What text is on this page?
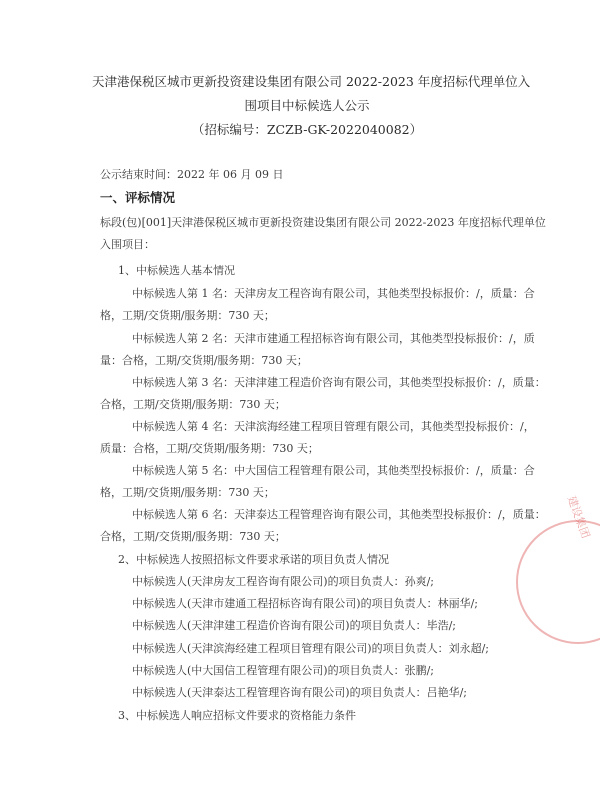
天津港保税区城市更新投资建设集团有限公司 2022-2023 年度招标代理单位入
围项目中标候选人公示
（招标编号：ZCZB-GK-2022040082）
公示结束时间：2022 年 06 月 09 日
一、评标情况
标段(包)[001]天津港保税区城市更新投资建设集团有限公司 2022-2023 年度招标代理单位
入围项目：
1、中标候选人基本情况
中标候选人第 1 名：天津房友工程咨询有限公司，其他类型投标报价：/，质量：合
格，工期/交货期/服务期：730 天；
中标候选人第 2 名：天津市建通工程招标咨询有限公司，其他类型投标报价：/，质
量：合格，工期/交货期/服务期：730 天；
中标候选人第 3 名：天津津建工程造价咨询有限公司，其他类型投标报价：/，质量：
合格，工期/交货期/服务期：730 天；
中标候选人第 4 名：天津滨海经建工程项目管理有限公司，其他类型投标报价：/，
质量：合格，工期/交货期/服务期：730 天；
中标候选人第 5 名：中大国信工程管理有限公司，其他类型投标报价：/，质量：合
格，工期/交货期/服务期：730 天；
中标候选人第 6 名：天津泰达工程管理咨询有限公司，其他类型投标报价：/，质量：
合格，工期/交货期/服务期：730 天；
2、中标候选人按照招标文件要求承诺的项目负责人情况
中标候选人(天津房友工程咨询有限公司)的项目负责人：孙爽/;
中标候选人(天津市建通工程招标咨询有限公司)的项目负责人：林丽华/;
中标候选人(天津津建工程造价咨询有限公司)的项目负责人：毕浩/;
中标候选人(天津滨海经建工程项目管理有限公司)的项目负责人：刘永超/;
中标候选人(中大国信工程管理有限公司)的项目负责人：张鹏/;
中标候选人(天津泰达工程管理咨询有限公司)的项目负责人：吕艳华/;
3、中标候选人响应招标文件要求的资格能力条件
建设集团
